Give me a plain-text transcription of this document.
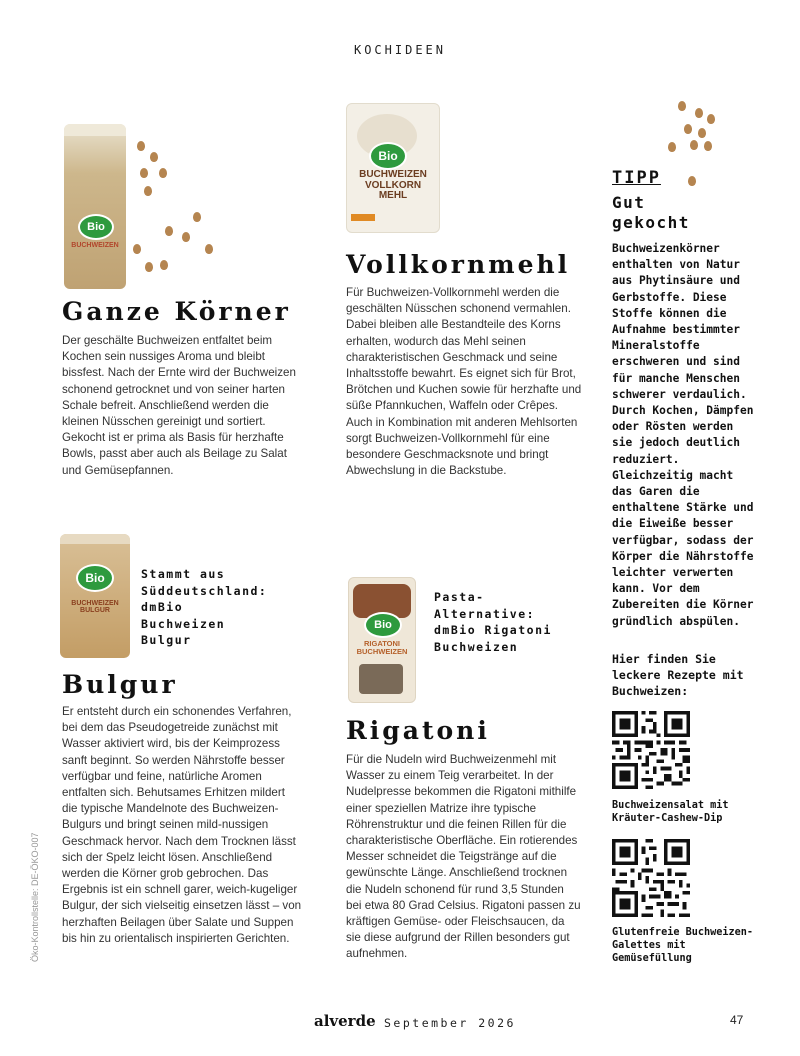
KOCHIDEEN
Bio
BUCHWEIZEN
Bio
BUCHWEIZEN VOLLKORN MEHL
Ganze Körner

Der geschälte Buchweizen entfaltet beim Kochen sein nussiges Aroma und bleibt bissfest. Nach der Ernte wird der Buchweizen schonend getrocknet und von seiner harten Schale befreit. Anschließend werden die kleinen Nüsschen gereinigt und sortiert. Gekocht ist er prima als Basis für herzhafte Bowls, passt aber auch als Beilage zu Salat und Gemüsepfannen.

Vollkornmehl

Für Buchweizen-Vollkornmehl werden die geschälten Nüsschen schonend vermahlen. Dabei bleiben alle Bestandteile des Korns erhalten, wodurch das Mehl seinen charakteristischen Geschmack und seine Inhaltsstoffe bewahrt. Es eignet sich für Brot, Brötchen und Kuchen sowie für herzhafte und süße Pfannkuchen, Waffeln oder Crêpes. Auch in Kombination mit anderen Mehlsorten sorgt Buchweizen-Vollkornmehl für eine besondere Geschmacksnote und bringt Abwechslung in die Backstube.

Bio
BUCHWEIZEN BULGUR

Stammt aus Süddeutschland: dmBio Buchweizen Bulgur

Bulgur

Er entsteht durch ein schonendes Verfahren, bei dem das Pseudogetreide zunächst mit Wasser aktiviert wird, bis der Keimprozess sanft beginnt. So werden Nährstoffe besser verfügbar und feine, natürliche Aromen entfalten sich. Behutsames Erhitzen mildert die typische Mandelnote des Buchweizen-Bulgurs und bringt seinen mild-nussigen Geschmack hervor. Nach dem Trocknen lässt sich der Spelz leicht lösen. Anschließend werden die Körner grob gebrochen. Das Ergebnis ist ein schnell garer, weich-kugeliger Bulgur, der sich vielseitig einsetzen lässt – von herzhaften Beilagen über Salate und Suppen bis hin zu orientalisch inspirierten Gerichten.

Bio
RIGATONI BUCHWEIZEN

Pasta-Alternative: dmBio Rigatoni Buchweizen

Rigatoni

Für die Nudeln wird Buchweizenmehl mit Wasser zu einem Teig verarbeitet. In der Nudelpresse bekommen die Rigatoni mithilfe einer speziellen Matrize ihre typische Röhrenstruktur und die feinen Rillen für die charakteristische Oberfläche. Ein rotierendes Messer schneidet die Teigstränge auf die gewünschte Länge. Anschließend trocknen die Nudeln schonend für rund 3,5 Stunden bei etwa 80 Grad Celsius. Rigatoni passen zu kräftigen Gemüse- oder Fleischsaucen, da sie diese aufgrund der Rillen besonders gut aufnehmen.

TIPP

Gut gekocht

Buchweizenkörner enthalten von Natur aus Phytinsäure und Gerbstoffe. Diese Stoffe können die Aufnahme bestimmter Mineralstoffe erschweren und sind für manche Menschen schwerer verdaulich. Durch Kochen, Dämpfen oder Rösten werden sie jedoch deutlich reduziert. Gleichzeitig macht das Garen die enthaltene Stärke und die Eiweiße besser verfügbar, sodass der Körper die Nährstoffe leichter verwerten kann. Vor dem Zubereiten die Körner gründlich abspülen.

Hier finden Sie leckere Rezepte mit Buchweizen:

Buchweizensalat mit Kräuter-Cashew-Dip

Glutenfreie Buchweizen-Galettes mit Gemüsefüllung

Öko-Kontrollstelle: DE-ÖKO-007
alverde September 2026	47
